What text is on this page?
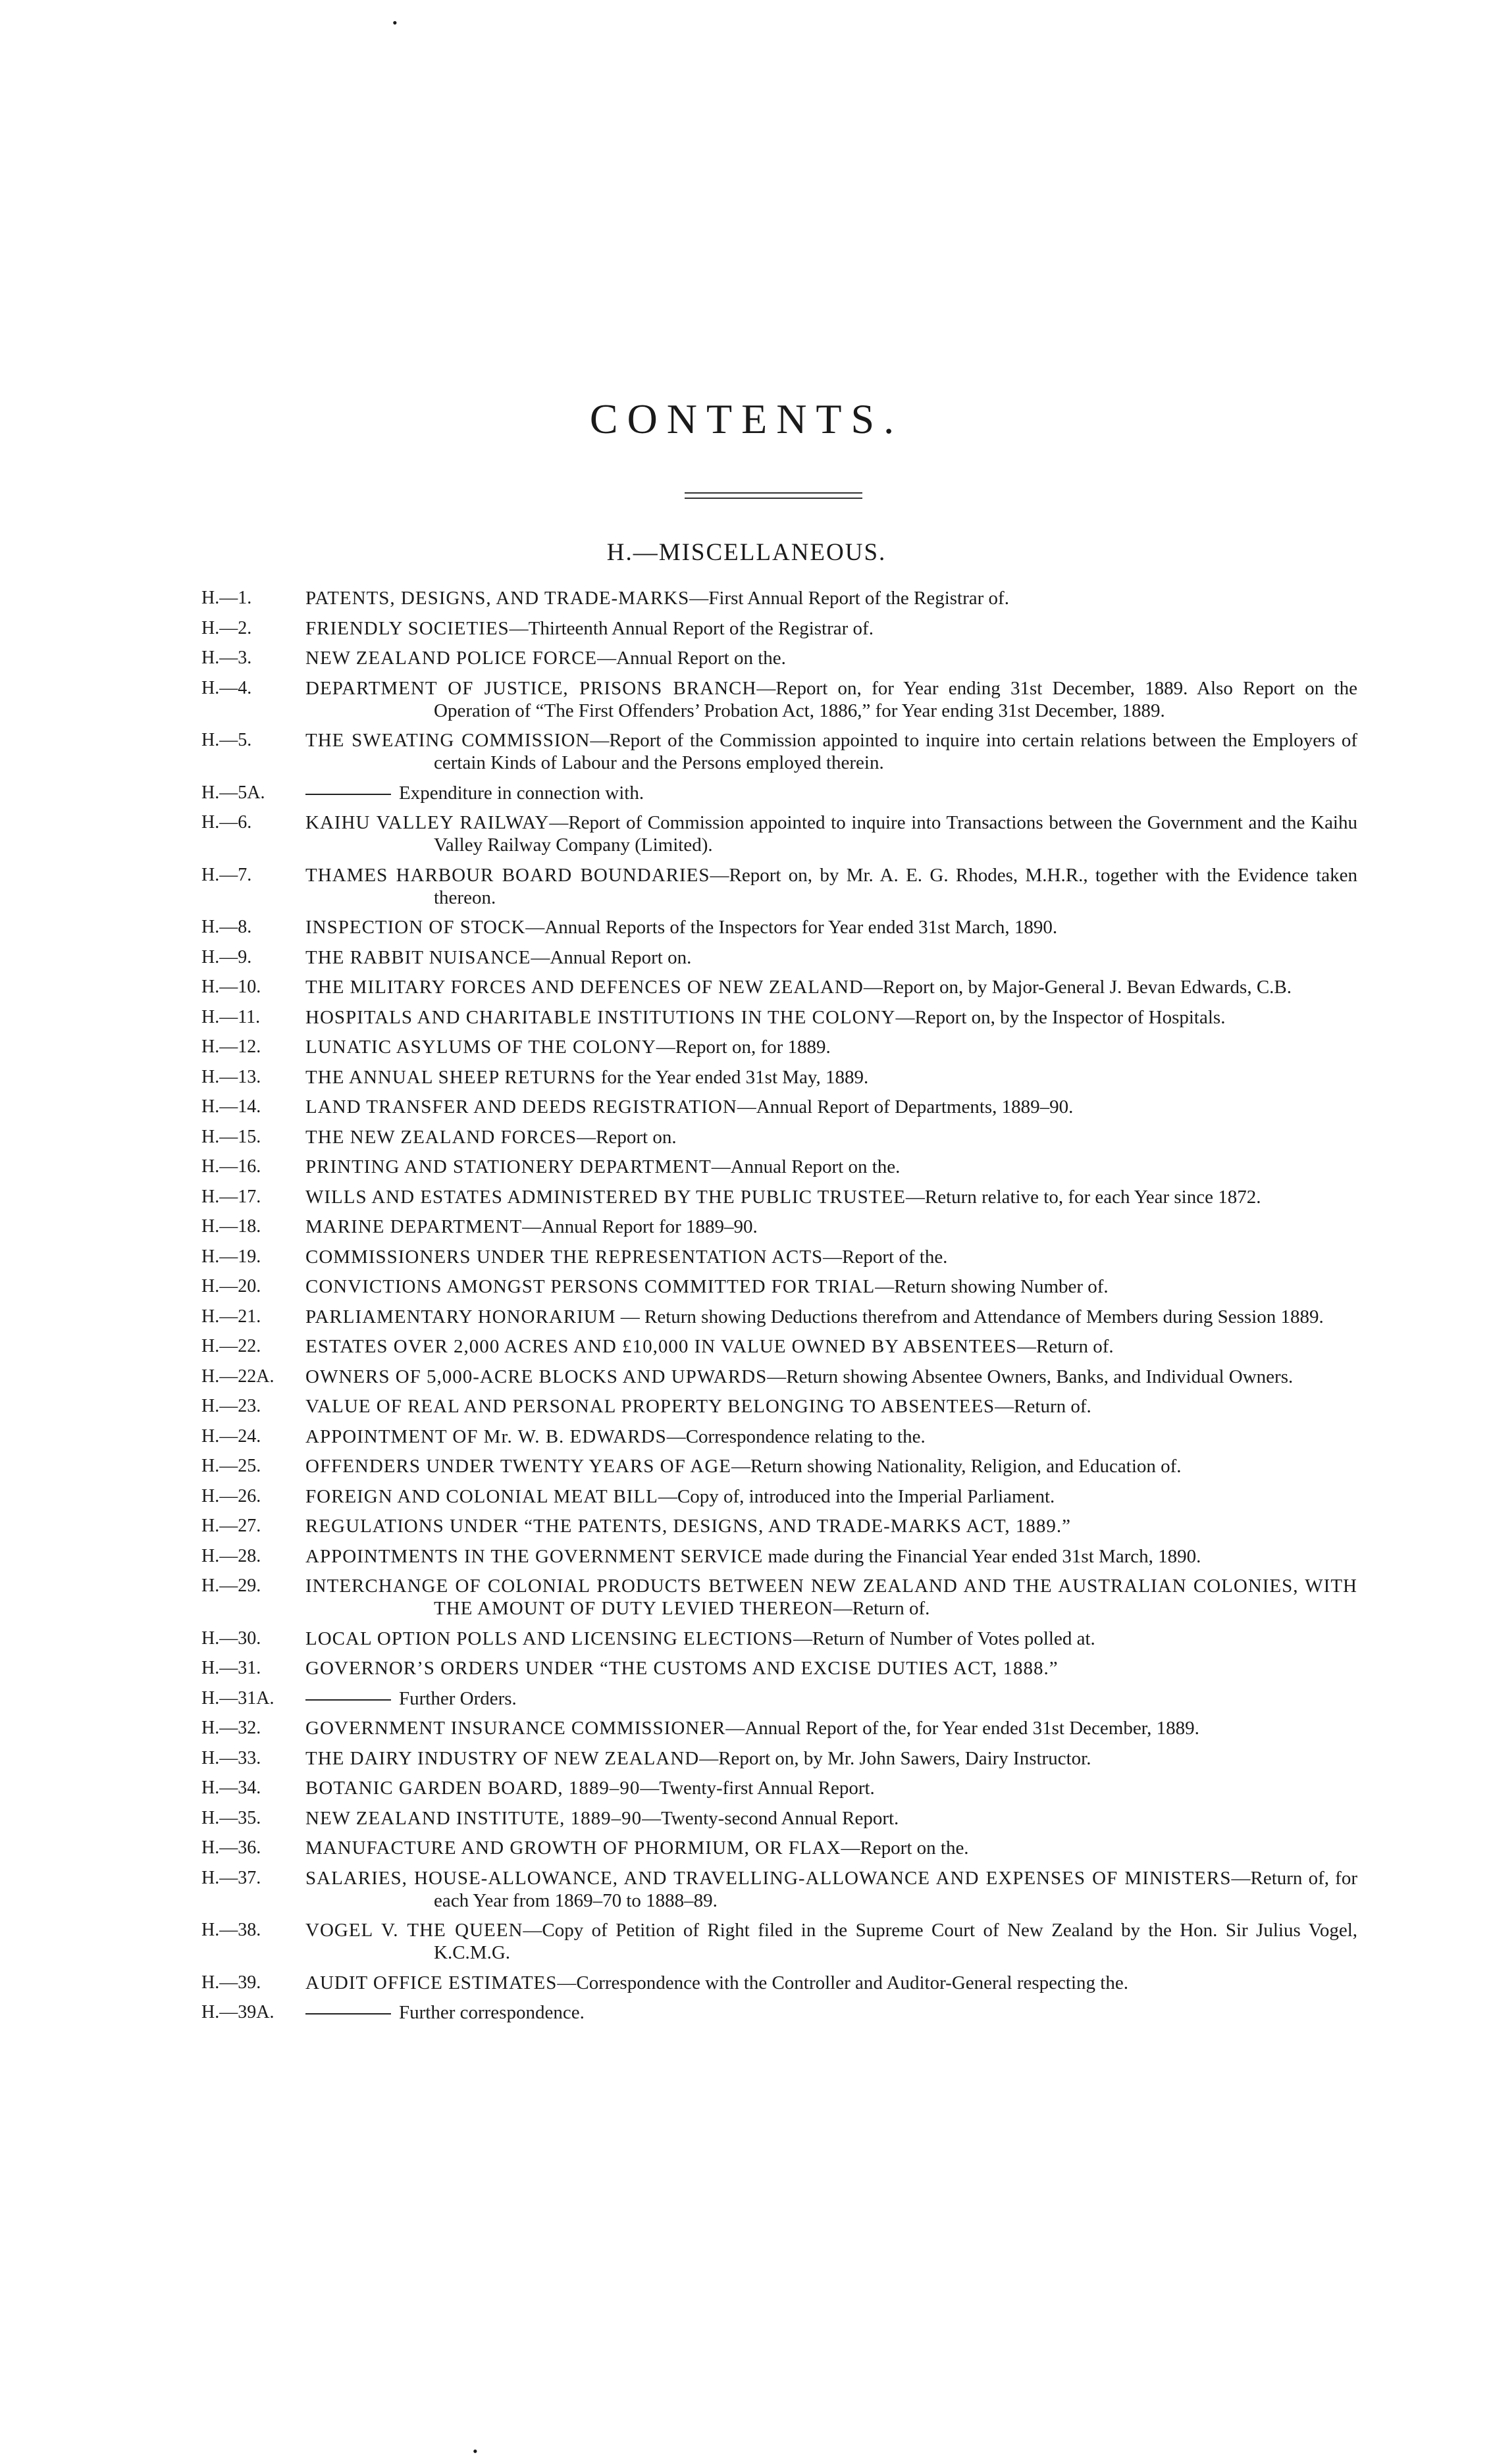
•
CONTENTS.
H.—MISCELLANEOUS.
H.—1.	PATENTS, DESIGNS, AND TRADE-MARKS—First Annual Report of the Registrar of.
H.—2.	FRIENDLY SOCIETIES—Thirteenth Annual Report of the Registrar of.
H.—3.	NEW ZEALAND POLICE FORCE—Annual Report on the.
H.—4.	DEPARTMENT OF JUSTICE, PRISONS BRANCH—Report on, for Year ending 31st December, 1889. Also Report on the Operation of “The First Offenders’ Probation Act, 1886,” for Year ending 31st December, 1889.
H.—5.	THE SWEATING COMMISSION—Report of the Commission appointed to inquire into certain relations between the Employers of certain Kinds of Labour and the Persons employed therein.
H.—5A.	Expenditure in connection with.
H.—6.	KAIHU VALLEY RAILWAY—Report of Commission appointed to inquire into Transactions between the Government and the Kaihu Valley Railway Company (Limited).
H.—7.	THAMES HARBOUR BOARD BOUNDARIES—Report on, by Mr. A. E. G. Rhodes, M.H.R., together with the Evidence taken thereon.
H.—8.	INSPECTION OF STOCK—Annual Reports of the Inspectors for Year ended 31st March, 1890.
H.—9.	THE RABBIT NUISANCE—Annual Report on.
H.—10.	THE MILITARY FORCES AND DEFENCES OF NEW ZEALAND—Report on, by Major-General J. Bevan Edwards, C.B.
H.—11.	HOSPITALS AND CHARITABLE INSTITUTIONS IN THE COLONY—Report on, by the Inspector of Hospitals.
H.—12.	LUNATIC ASYLUMS OF THE COLONY—Report on, for 1889.
H.—13.	THE ANNUAL SHEEP RETURNS for the Year ended 31st May, 1889.
H.—14.	LAND TRANSFER AND DEEDS REGISTRATION—Annual Report of Departments, 1889–90.
H.—15.	THE NEW ZEALAND FORCES—Report on.
H.—16.	PRINTING AND STATIONERY DEPARTMENT—Annual Report on the.
H.—17.	WILLS AND ESTATES ADMINISTERED BY THE PUBLIC TRUSTEE—Return relative to, for each Year since 1872.
H.—18.	MARINE DEPARTMENT—Annual Report for 1889–90.
H.—19.	COMMISSIONERS UNDER THE REPRESENTATION ACTS—Report of the.
H.—20.	CONVICTIONS AMONGST PERSONS COMMITTED FOR TRIAL—Return showing Number of.
H.—21.	PARLIAMENTARY HONORARIUM — Return showing Deductions therefrom and Attendance of Members during Session 1889.
H.—22.	ESTATES OVER 2,000 ACRES AND £10,000 IN VALUE OWNED BY ABSENTEES—Return of.
H.—22A.	OWNERS OF 5,000-ACRE BLOCKS AND UPWARDS—Return showing Absentee Owners, Banks, and Individual Owners.
H.—23.	VALUE OF REAL AND PERSONAL PROPERTY BELONGING TO ABSENTEES—Return of.
H.—24.	APPOINTMENT OF Mr. W. B. EDWARDS—Correspondence relating to the.
H.—25.	OFFENDERS UNDER TWENTY YEARS OF AGE—Return showing Nationality, Religion, and Education of.
H.—26.	FOREIGN AND COLONIAL MEAT BILL—Copy of, introduced into the Imperial Parliament.
H.—27.	REGULATIONS UNDER “THE PATENTS, DESIGNS, AND TRADE-MARKS ACT, 1889.”
H.—28.	APPOINTMENTS IN THE GOVERNMENT SERVICE made during the Financial Year ended 31st March, 1890.
H.—29.	INTERCHANGE OF COLONIAL PRODUCTS BETWEEN NEW ZEALAND AND THE AUSTRALIAN COLONIES, WITH THE AMOUNT OF DUTY LEVIED THEREON—Return of.
H.—30.	LOCAL OPTION POLLS AND LICENSING ELECTIONS—Return of Number of Votes polled at.
H.—31.	GOVERNOR’S ORDERS UNDER “THE CUSTOMS AND EXCISE DUTIES ACT, 1888.”
H.—31A.	Further Orders.
H.—32.	GOVERNMENT INSURANCE COMMISSIONER—Annual Report of the, for Year ended 31st December, 1889.
H.—33.	THE DAIRY INDUSTRY OF NEW ZEALAND—Report on, by Mr. John Sawers, Dairy Instructor.
H.—34.	BOTANIC GARDEN BOARD, 1889–90—Twenty-first Annual Report.
H.—35.	NEW ZEALAND INSTITUTE, 1889–90—Twenty-second Annual Report.
H.—36.	MANUFACTURE AND GROWTH OF PHORMIUM, OR FLAX—Report on the.
H.—37.	SALARIES, HOUSE-ALLOWANCE, AND TRAVELLING-ALLOWANCE AND EXPENSES OF MINISTERS—Return of, for each Year from 1869–70 to 1888–89.
H.—38.	VOGEL V. THE QUEEN—Copy of Petition of Right filed in the Supreme Court of New Zealand by the Hon. Sir Julius Vogel, K.C.M.G.
H.—39.	AUDIT OFFICE ESTIMATES—Correspondence with the Controller and Auditor-General respecting the.
H.—39A.	Further correspondence.
•
